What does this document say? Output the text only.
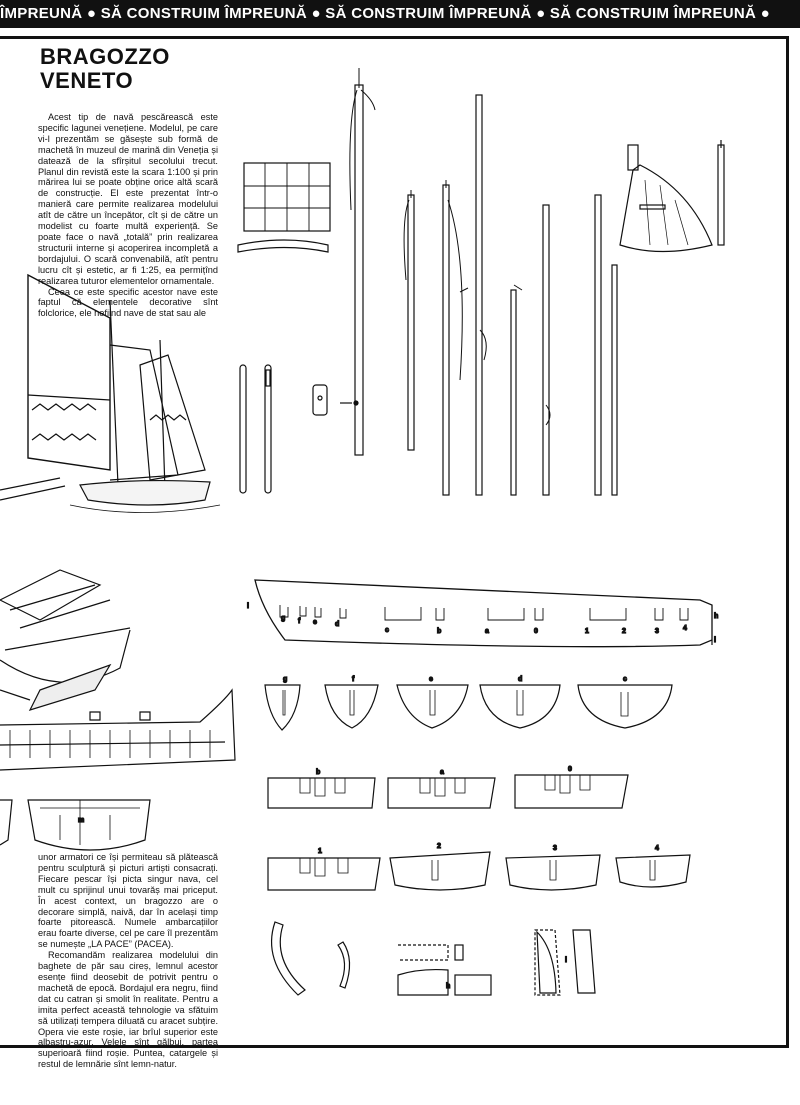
ÎMPREUNĂ ● SĂ CONSTRUIM ÎMPREUNĂ ● SĂ CONSTRUIM ÎMPREUNĂ ● SĂ CONSTRUIM ÎMPREUNĂ ●
BRAGOZZO
VENETO

Acest tip de navă pescărească este specific lagunei venețiene. Modelul, pe care vi-l prezentăm se găsește sub formă de machetă în muzeul de marină din Veneția și datează de la sfîrșitul secolului trecut. Planul din revistă este la scara 1:100 și prin mărirea lui se poate obține orice altă scară de construcție. El este prezentat într-o manieră care permite realizarea modelului atît de către un începător, cît și de către un modelist cu foarte multă experiență. Se poate face o navă „totală” prin realizarea structurii interne și acoperirea incompletă a bordajului. O scară convenabilă, atît pentru lucru cît și estetic, ar fi 1:25, ea permițînd realizarea tuturor elementelor ornamentale.

Ceea ce este specific acestor nave este faptul că elementele decorative sînt folclorice, ele nefiind nave de stat sau ale

unor armatori ce își permiteau să plătească pentru sculptură și picturi artiști consacrați. Fiecare pescar își picta singur nava, cel mult cu sprijinul unui tovarăș mai priceput. În acest context, un bragozzo are o decorare simplă, naivă, dar în același timp foarte pitorească. Numele ambarcațiilor erau foarte diverse, cel pe care îl prezentăm se numește „LA PACE” (PACEA).

Recomandăm realizarea modelului din baghete de păr sau cireș, lemnul acestor esențe fiind deosebit de potrivit pentru o machetă de epocă. Bordajul era negru, fiind dat cu catran și smolit în realitate. Pentru a imita perfect această tehnologie va sfătuim să utilizați tempera diluată cu aracet subțire. Opera vie este roșie, iar brîul superior este albastru-azur. Velele sînt gălbui, partea superioară fiind roșie. Puntea, catargele și restul de lemnărie sînt lemn-natur.

m
l
g f e	d
c	b	a	0	1	2	3	4
h
i
g	f	e	d	c
b	a	0
1
2	3	4
h
i
